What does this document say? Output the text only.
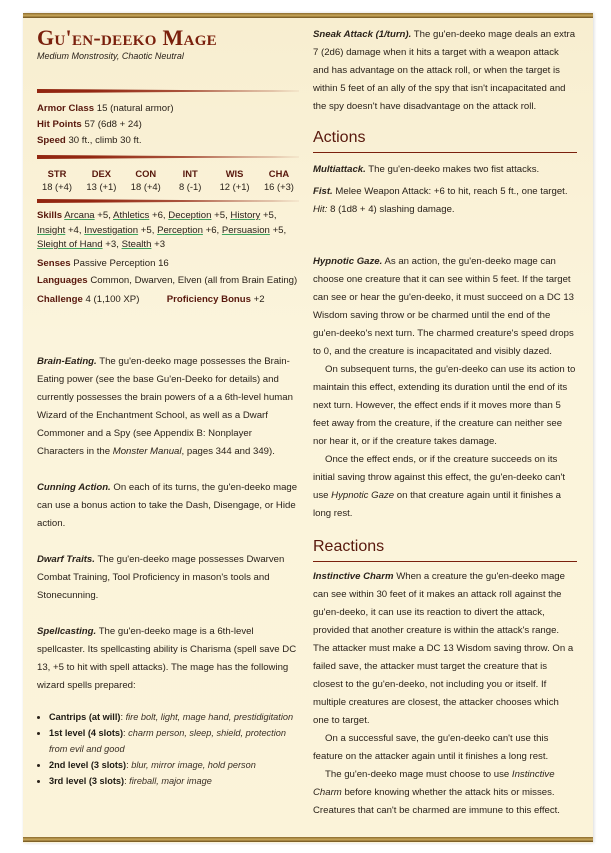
Gu'en-deeko Mage
Medium Monstrosity, Chaotic Neutral

Armor Class 15 (natural armor)

Hit Points 57 (6d8 + 24)

Speed 30 ft., climb 30 ft.

STR
18 (+4)
DEX
13 (+1)
CON
18 (+4)
INT
8 (-1)
WIS
12 (+1)
CHA
16 (+3)

Skills Arcana +5, Athletics +6, Deception +5, History +5, Insight +4, Investigation +5, Perception +6, Persuasion +5, Sleight of Hand +3, Stealth +3

Senses Passive Perception 16

Languages Common, Dwarven, Elven (all from Brain Eating)

Challenge 4 (1,100 XP)	Proficiency Bonus +2

Brain-Eating. The gu'en-deeko mage possesses the Brain-Eating power (see the base Gu'en-Deeko for details) and currently possesses the brain powers of a a 6th-level human Wizard of the Enchantment School, as well as a Dwarf Commoner and a Spy (see Appendix B: Nonplayer Characters in the Monster Manual, pages 344 and 349).

Cunning Action. On each of its turns, the gu'en-deeko mage can use a bonus action to take the Dash, Disengage, or Hide action.

Dwarf Traits. The gu'en-deeko mage possesses Dwarven Combat Training, Tool Proficiency in mason's tools and Stonecunning.

Spellcasting. The gu'en-deeko mage is a 6th-level spellcaster. Its spellcasting ability is Charisma (spell save DC 13, +5 to hit with spell attacks). The mage has the following wizard spells prepared:

• Cantrips (at will): fire bolt, light, mage hand, prestidigitation
• 1st level (4 slots): charm person, sleep, shield, protection from evil and good
• 2nd level (3 slots): blur, mirror image, hold person
• 3rd level (3 slots): fireball, major image

Sneak Attack (1/turn). The gu'en-deeko mage deals an extra 7 (2d6) damage when it hits a target with a weapon attack and has advantage on the attack roll, or when the target is within 5 feet of an ally of the spy that isn't incapacitated and the spy doesn't have disadvantage on the attack roll.

Actions

Multiattack. The gu'en-deeko makes two fist attacks.

Fist. Melee Weapon Attack: +6 to hit, reach 5 ft., one target. Hit: 8 (1d8 + 4) slashing damage.

Hypnotic Gaze. As an action, the gu'en-deeko mage can choose one creature that it can see within 5 feet. If the target can see or hear the gu'en-deeko, it must succeed on a DC 13 Wisdom saving throw or be charmed until the end of the gu'en-deeko's next turn. The charmed creature's speed drops to 0, and the creature is incapacitated and visibly dazed.

On subsequent turns, the gu'en-deeko can use its action to maintain this effect, extending its duration until the end of its next turn. However, the effect ends if it moves more than 5 feet away from the creature, if the creature can neither see nor hear it, or if the creature takes damage.

Once the effect ends, or if the creature succeeds on its initial saving throw against this effect, the gu'en-deeko can't use Hypnotic Gaze on that creature again until it finishes a long rest.

Reactions

Instinctive Charm When a creature the gu'en-deeko mage can see within 30 feet of it makes an attack roll against the gu'en-deeko, it can use its reaction to divert the attack, provided that another creature is within the attack's range. The attacker must make a DC 13 Wisdom saving throw. On a failed save, the attacker must target the creature that is closest to the gu'en-deeko, not including you or itself. If multiple creatures are closest, the attacker chooses which one to target.

On a successful save, the gu'en-deeko can't use this feature on the attacker again until it finishes a long rest.

The gu'en-deeko mage must choose to use Instinctive Charm before knowing whether the attack hits or misses. Creatures that can't be charmed are immune to this effect.
